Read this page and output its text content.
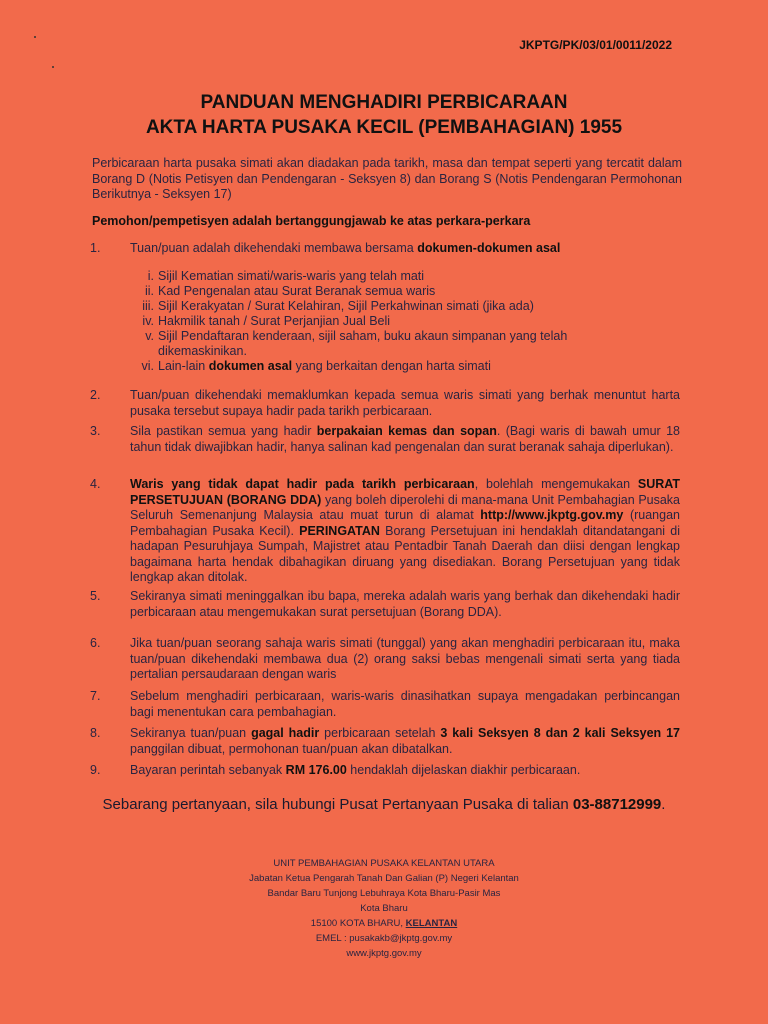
JKPTG/PK/03/01/0011/2022
PANDUAN MENGHADIRI PERBICARAAN
AKTA HARTA PUSAKA KECIL (PEMBAHAGIAN) 1955
Perbicaraan harta pusaka simati akan diadakan pada tarikh, masa dan tempat seperti yang tercatit dalam Borang D (Notis Petisyen dan Pendengaran - Seksyen 8) dan Borang S (Notis Pendengaran Permohonan Berikutnya - Seksyen 17)
Pemohon/pempetisyen adalah bertanggungjawab ke atas perkara-perkara
1.	Tuan/puan adalah dikehendaki membawa bersama dokumen-dokumen asal
i. Sijil Kematian simati/waris-waris yang telah mati
ii. Kad Pengenalan atau Surat Beranak semua waris
iii. Sijil Kerakyatan / Surat Kelahiran, Sijil Perkahwinan simati (jika ada)
iv. Hakmilik tanah / Surat Perjanjian Jual Beli
v. Sijil Pendaftaran kenderaan, sijil saham, buku akaun simpanan yang telah dikemaskinikan.
vi. Lain-lain dokumen asal yang berkaitan dengan harta simati
2.	Tuan/puan dikehendaki memaklumkan kepada semua waris simati yang berhak menuntut harta pusaka tersebut supaya hadir pada tarikh perbicaraan.
3.	Sila pastikan semua yang hadir berpakaian kemas dan sopan. (Bagi waris di bawah umur 18 tahun tidak diwajibkan hadir, hanya salinan kad pengenalan dan surat beranak sahaja diperlukan).
4.	Waris yang tidak dapat hadir pada tarikh perbicaraan, bolehlah mengemukakan SURAT PERSETUJUAN (BORANG DDA) yang boleh diperolehi di mana-mana Unit Pembahagian Pusaka Seluruh Semenanjung Malaysia atau muat turun di alamat http://www.jkptg.gov.my (ruangan Pembahagian Pusaka Kecil). PERINGATAN Borang Persetujuan ini hendaklah ditandatangani di hadapan Pesuruhjaya Sumpah, Majistret atau Pentadbir Tanah Daerah dan diisi dengan lengkap bagaimana harta hendak dibahagikan diruang yang disediakan. Borang Persetujuan yang tidak lengkap akan ditolak.
5.	Sekiranya simati meninggalkan ibu bapa, mereka adalah waris yang berhak dan dikehendaki hadir perbicaraan atau mengemukakan surat persetujuan (Borang DDA).
6.	Jika tuan/puan seorang sahaja waris simati (tunggal) yang akan menghadiri perbicaraan itu, maka tuan/puan dikehendaki membawa dua (2) orang saksi bebas mengenali simati serta yang tiada pertalian persaudaraan dengan waris
7.	Sebelum menghadiri perbicaraan, waris-waris dinasihatkan supaya mengadakan perbincangan bagi menentukan cara pembahagian.
8.	Sekiranya tuan/puan gagal hadir perbicaraan setelah 3 kali Seksyen 8 dan 2 kali Seksyen 17 panggilan dibuat, permohonan tuan/puan akan dibatalkan.
9.	Bayaran perintah sebanyak RM 176.00 hendaklah dijelaskan diakhir perbicaraan.
Sebarang pertanyaan, sila hubungi Pusat Pertanyaan Pusaka di talian 03-88712999.
UNIT PEMBAHAGIAN PUSAKA KELANTAN UTARA
Jabatan Ketua Pengarah Tanah Dan Galian (P) Negeri Kelantan
Bandar Baru Tunjong Lebuhraya Kota Bharu-Pasir Mas
Kota Bharu
15100 KOTA BHARU, KELANTAN
EMEL : pusakakb@jkptg.gov.my
www.jkptg.gov.my
